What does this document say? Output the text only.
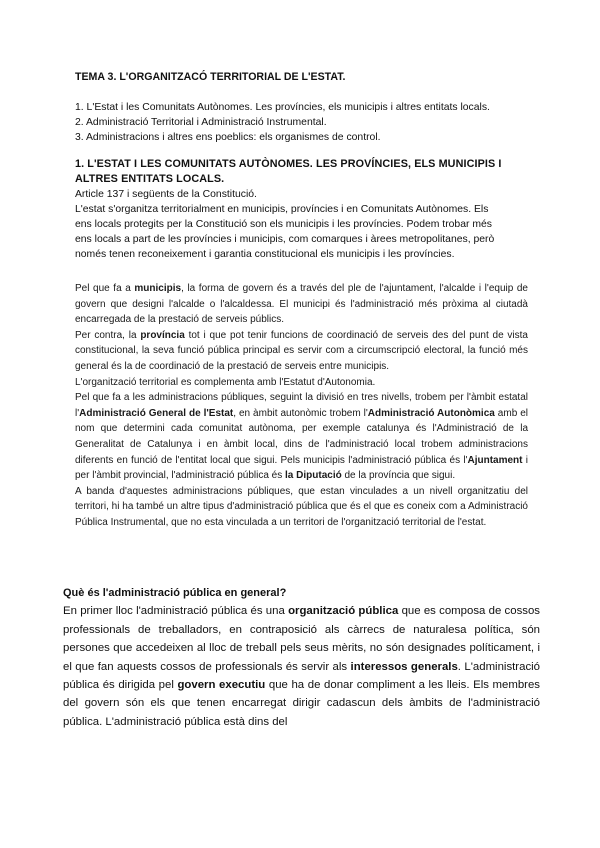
TEMA 3. L'ORGANITZACÓ TERRITORIAL DE L'ESTAT.

1. L'Estat i les Comunitats Autònomes. Les províncies, els municipis i altres entitats locals.
2. Administració Territorial i Administració Instrumental.
3. Administracions i altres ens poeblics: els organismes de control.

1. L'ESTAT I LES COMUNITATS AUTÒNOMES. LES PROVÍNCIES, ELS MUNICIPIS I

ALTRES ENTITATS LOCALS.

Article 137 i següents de la Constitució.

L'estat s'organitza territorialment en municipis, províncies i en Comunitats Autònomes. Els

ens locals protegits per la Constitució son els municipis i les províncies. Podem trobar més

ens locals a part de les províncies i municipis, com comarques i àrees metropolitanes, però

només tenen reconeixement i garantia constitucional els municipis i les províncies.

Pel que fa a municipis, la forma de govern és a través del ple de l'ajuntament, l'alcalde i l'equip de govern que designi l'alcalde o l'alcaldessa. El municipi és l'administració més pròxima al ciutadà encarregada de la prestació de serveis públics.

Per contra, la província tot i que pot tenir funcions de coordinació de serveis des del punt de vista constitucional, la seva funció pública principal es servir com a circumscripció electoral, la funció més general és la de coordinació de la prestació de serveis entre municipis.

L'organització territorial es complementa amb l'Estatut d'Autonomia.

Pel que fa a les administracions públiques, seguint la divisió en tres nivells, trobem per l'àmbit estatal l'Administració General de l'Estat, en àmbit autonòmic trobem l'Administració Autonòmica amb el nom que determini cada comunitat autònoma, per exemple catalunya és l'Administració de la Generalitat de Catalunya i en àmbit local, dins de l'administració local trobem administracions diferents en funció de l'entitat local que sigui. Pels municipis l'administració pública és l'Ajuntament i per l'àmbit provincial, l'administració pública és la Diputació de la província que sigui.

A banda d'aquestes administracions públiques, que estan vinculades a un nivell organitzatiu del territori, hi ha també un altre tipus d'administració pública que és el que es coneix com a Administració Pública Instrumental, que no esta vinculada a un territori de l'organització territorial de l'estat.

Què és l'administració pública en general?

En primer lloc l'administració pública és una organització pública que es composa de cossos professionals de treballadors, en contraposició als càrrecs de naturalesa política, són persones que accedeixen al lloc de treball pels seus mèrits, no són designades políticament, i el que fan aquests cossos de professionals és servir als interessos generals. L'administració pública és dirigida pel govern executiu que ha de donar compliment a les lleis. Els membres del govern són els que tenen encarregat dirigir cadascun dels àmbits de l'administració pública. L'administració pública està dins del
